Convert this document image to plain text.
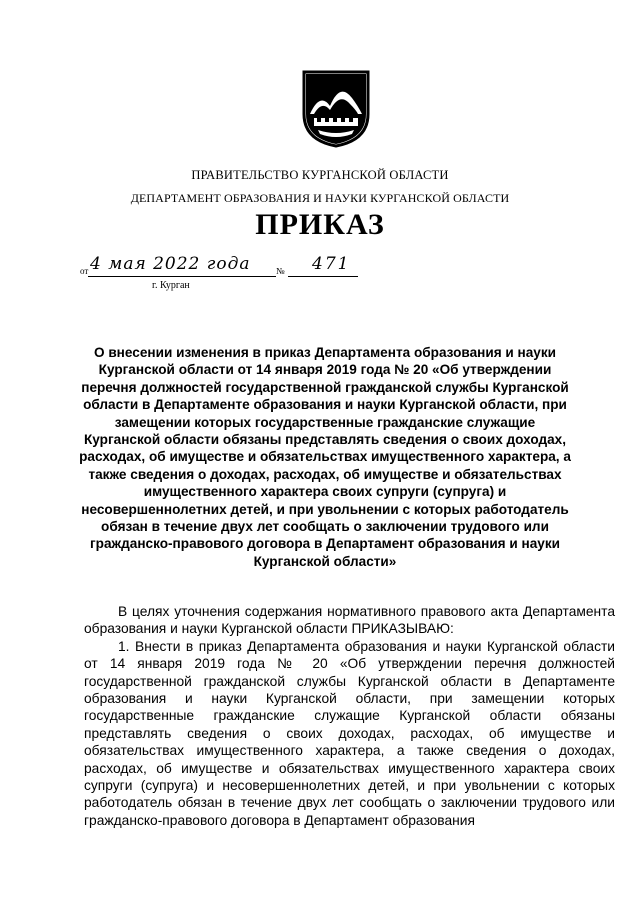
ПРАВИТЕЛЬСТВО КУРГАНСКОЙ ОБЛАСТИ
ДЕПАРТАМЕНТ ОБРАЗОВАНИЯ И НАУКИ КУРГАНСКОЙ ОБЛАСТИ
ПРИКАЗ
от 4 мая 2022 года	№ 471
г. Курган
О внесении изменения в приказ Департамента образования и науки Курганской области от 14 января 2019 года № 20 «Об утверждении перечня должностей государственной гражданской службы Курганской области в Департаменте образования и науки Курганской области, при замещении которых государственные гражданские служащие Курганской области обязаны представлять сведения о своих доходах, расходах, об имуществе и обязательствах имущественного характера, а также сведения о доходах, расходах, об имуществе и обязательствах имущественного характера своих супруги (супруга) и несовершеннолетних детей, и при увольнении с которых работодатель обязан в течение двух лет сообщать о заключении трудового или гражданско-правового договора в Департамент образования и науки Курганской области»

В целях уточнения содержания нормативного правового акта Департамента образования и науки Курганской области ПРИКАЗЫВАЮ:

1. Внести в приказ Департамента образования и науки Курганской области от 14 января 2019 года № 20 «Об утверждении перечня должностей государственной гражданской службы Курганской области в Департаменте образования и науки Курганской области, при замещении которых государственные гражданские служащие Курганской области обязаны представлять сведения о своих доходах, расходах, об имуществе и обязательствах имущественного характера, а также сведения о доходах, расходах, об имуществе и обязательствах имущественного характера своих супруги (супруга) и несовершеннолетних детей, и при увольнении с которых работодатель обязан в течение двух лет сообщать о заключении трудового или гражданско-правового договора в Департамент образования
